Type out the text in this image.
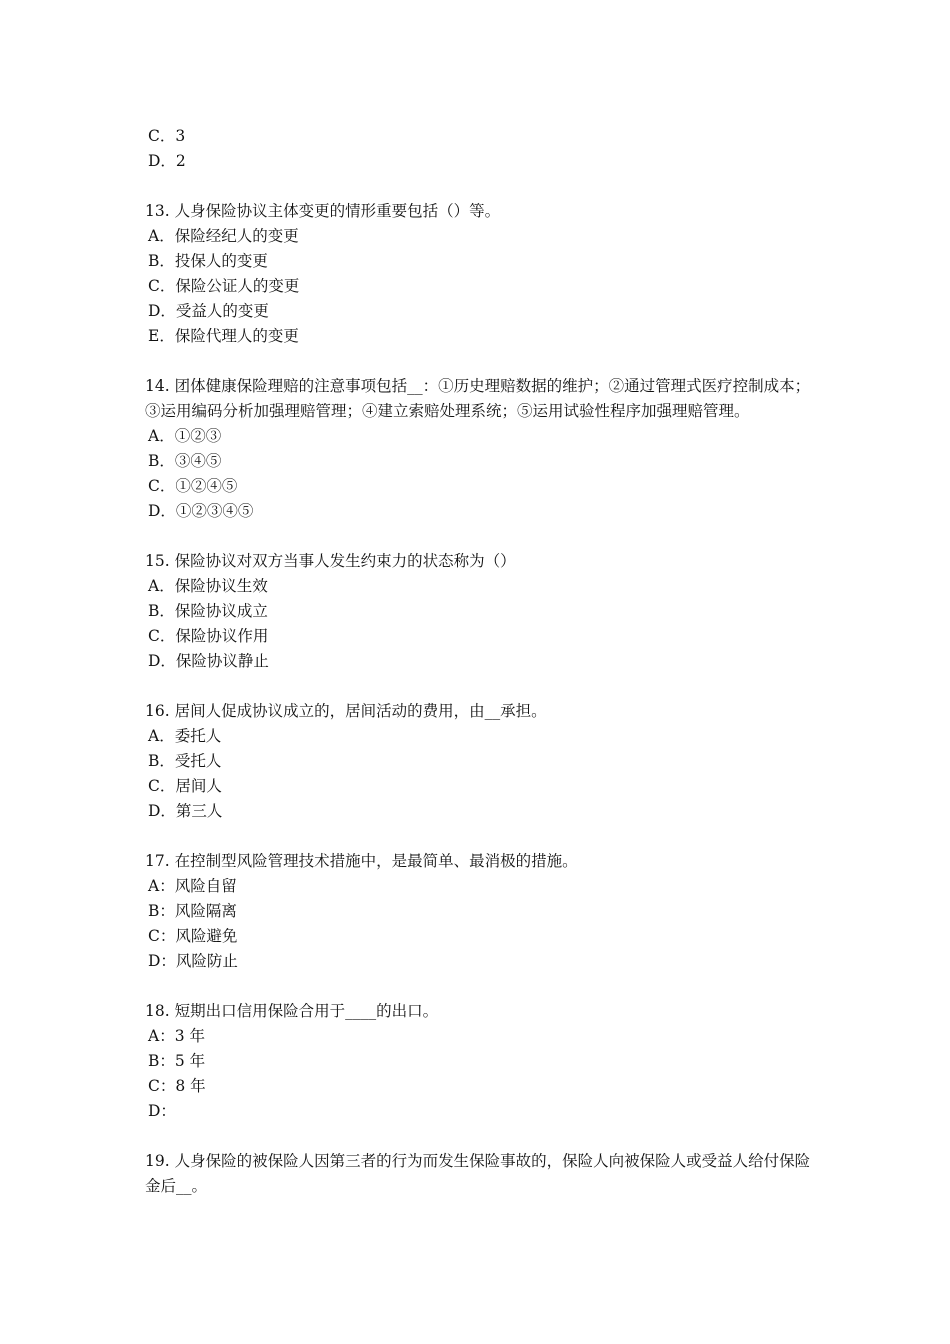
C．3
D．2
13. 人身保险协议主体变更的情形重要包括（）等。
A．保险经纪人的变更
B．投保人的变更
C．保险公证人的变更
D．受益人的变更
E．保险代理人的变更
14. 团体健康保险理赔的注意事项包括__：①历史理赔数据的维护；②通过管理式医疗控制成本；③运用编码分析加强理赔管理；④建立索赔处理系统；⑤运用试验性程序加强理赔管理。
A．①②③
B．③④⑤
C．①②④⑤
D．①②③④⑤
15. 保险协议对双方当事人发生约束力的状态称为（）
A．保险协议生效
B．保险协议成立
C．保险协议作用
D．保险协议静止
16. 居间人促成协议成立的，居间活动的费用，由__承担。
A．委托人
B．受托人
C．居间人
D．第三人
17. 在控制型风险管理技术措施中，是最简单、最消极的措施。
A：风险自留
B：风险隔离
C：风险避免
D：风险防止
18. 短期出口信用保险合用于____的出口。
A：3 年
B：5 年
C：8 年
D：
19. 人身保险的被保险人因第三者的行为而发生保险事故的，保险人向被保险人或受益人给付保险金后__。
